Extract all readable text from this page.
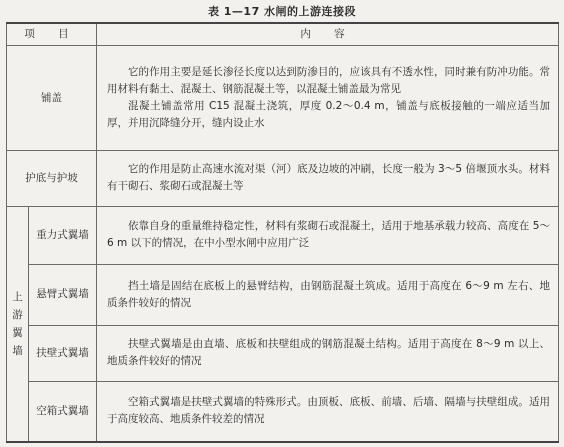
表 1—17 水闸的上游连接段
项 目		内 容
铺盖		它的作用主要是延长渗径长度以达到防渗目的，应该具有不透水性，同时兼有防冲功能。常用材料有黏土、混凝土、钢筋混凝土等，以混凝土铺盖最为常见

混凝土铺盖常用 C15 混凝土浇筑，厚度 0.2～0.4 m，铺盖与底板接触的一端应适当加厚，并用沉降缝分开，缝内设止水

护底与护坡		它的作用是防止高速水流对渠（河）底及边坡的冲刷，长度一般为 3～5 倍堰顶水头。材料有干砌石、浆砌石或混凝土等

上
游
翼
墙	重力式翼墙	依靠自身的重量维持稳定性，材料有浆砌石或混凝土，适用于地基承载力较高、高度在 5～6 m 以下的情况，在中小型水闸中应用广泛

	悬臂式翼墙	挡土墙是固结在底板上的悬臂结构，由钢筋混凝土筑成。适用于高度在 6～9 m 左右、地质条件较好的情况

	扶壁式翼墙	扶壁式翼墙是由直墙、底板和扶壁组成的钢筋混凝土结构。适用于高度在 8～9 m 以上、地质条件较好的情况

	空箱式翼墙	空箱式翼墙是扶壁式翼墙的特殊形式。由顶板、底板、前墙、后墙、隔墙与扶壁组成。适用于高度较高、地质条件较差的情况
